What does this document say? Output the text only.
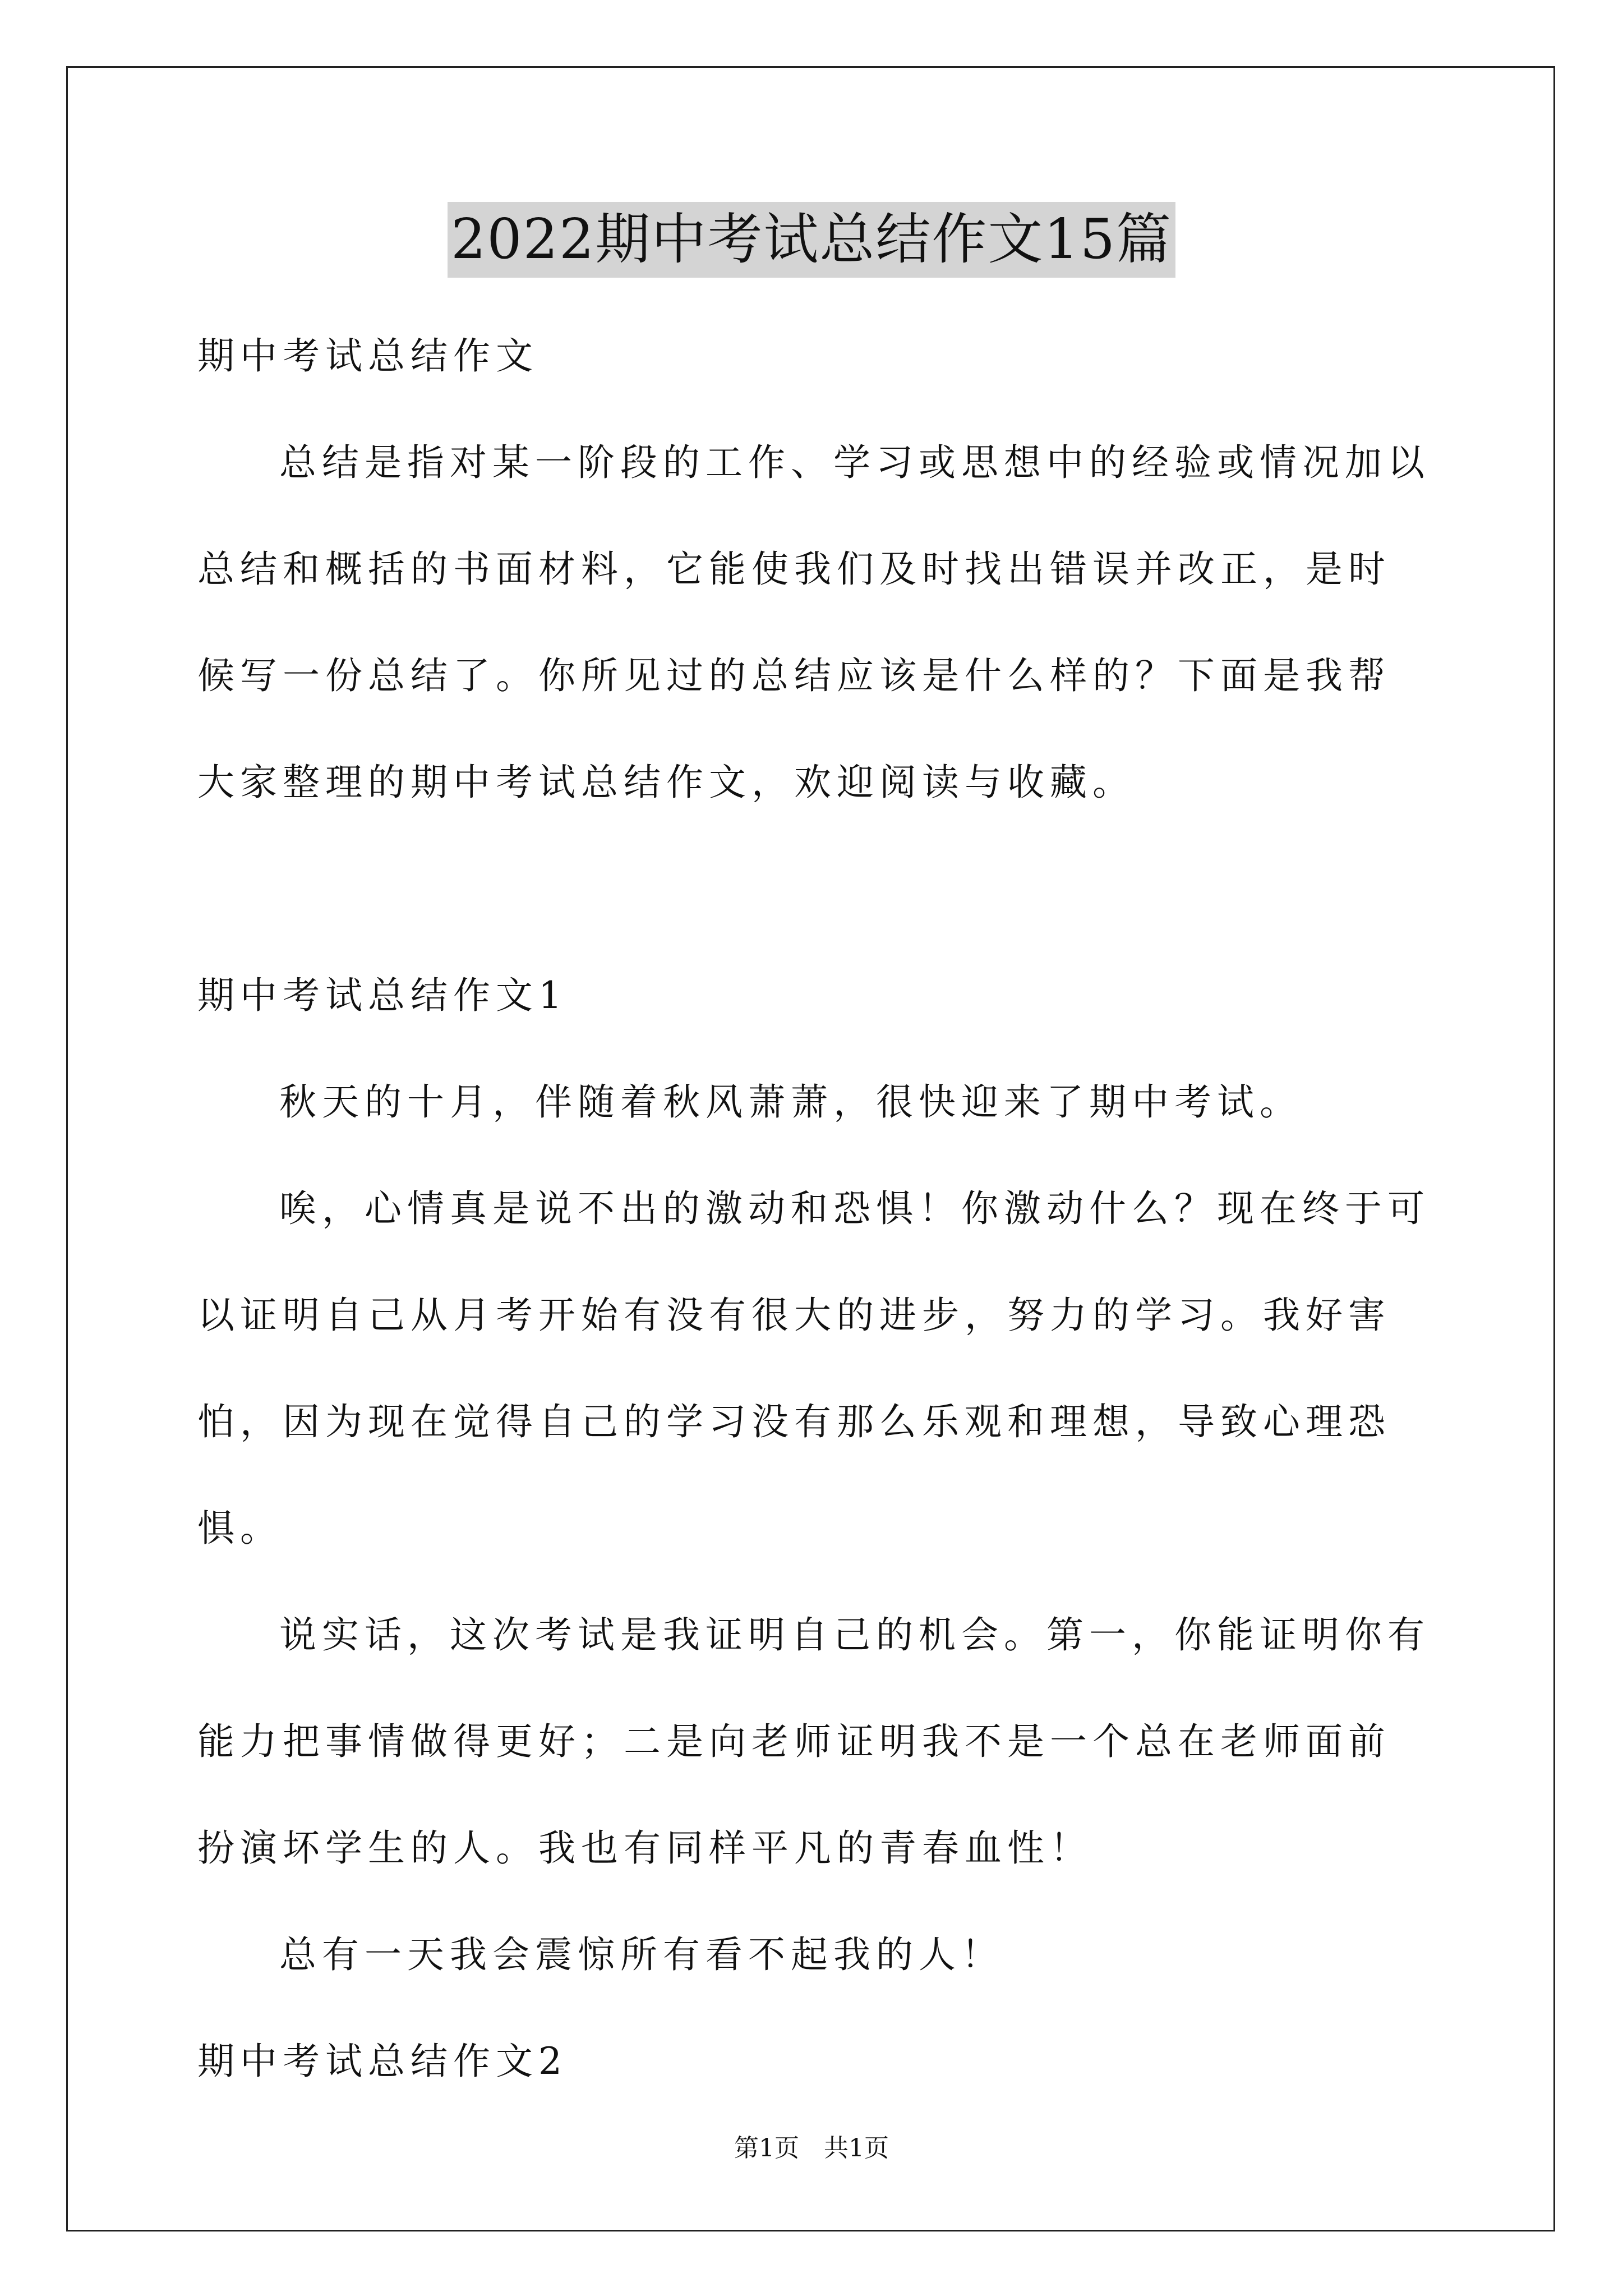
2022期中考试总结作文15篇

期中考试总结作文

总结是指对某一阶段的工作、学习或思想中的经验或情况加以总结和概括的书面材料，它能使我们及时找出错误并改正，是时候写一份总结了。你所见过的总结应该是什么样的？下面是我帮大家整理的期中考试总结作文，欢迎阅读与收藏。

期中考试总结作文1

秋天的十月，伴随着秋风萧萧，很快迎来了期中考试。

唉，心情真是说不出的激动和恐惧！你激动什么？现在终于可以证明自己从月考开始有没有很大的进步，努力的学习。我好害怕，因为现在觉得自己的学习没有那么乐观和理想，导致心理恐惧。

说实话，这次考试是我证明自己的机会。第一，你能证明你有能力把事情做得更好；二是向老师证明我不是一个总在老师面前扮演坏学生的人。我也有同样平凡的青春血性！

总有一天我会震惊所有看不起我的人！

期中考试总结作文2

第1页 共1页
